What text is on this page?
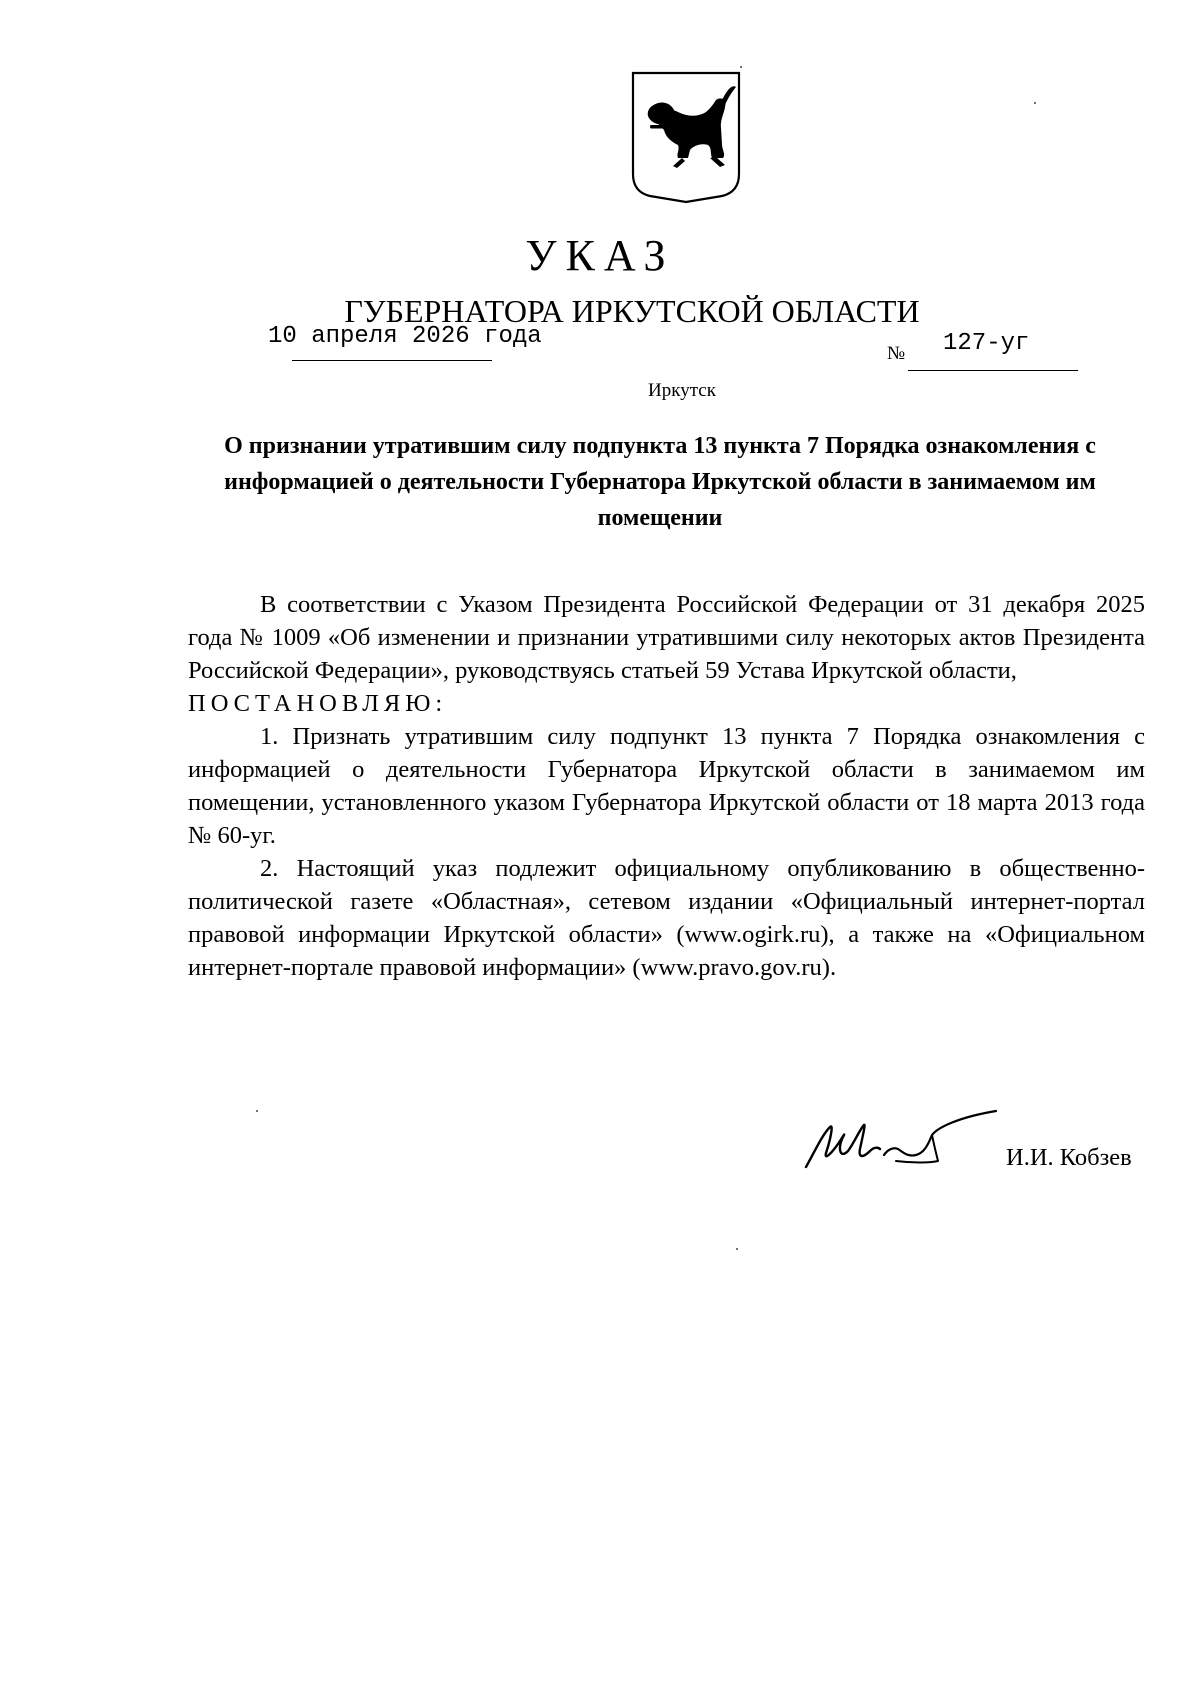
УКАЗ
ГУБЕРНАТОРА ИРКУТСКОЙ ОБЛАСТИ
10 апреля 2026 года
№ 127-уг
Иркутск
О признании утратившим силу подпункта 13 пункта 7 Порядка ознакомления с информацией о деятельности Губернатора Иркутской области в занимаемом им помещении

В соответствии с Указом Президента Российской Федерации от 31 декабря 2025 года № 1009 «Об изменении и признании утратившими силу некоторых актов Президента Российской Федерации», руководствуясь статьей 59 Устава Иркутской области,

ПОСТАНОВЛЯЮ:

1. Признать утратившим силу подпункт 13 пункта 7 Порядка ознакомления с информацией о деятельности Губернатора Иркутской области в занимаемом им помещении, установленного указом Губернатора Иркутской области от 18 марта 2013 года № 60-уг.

2. Настоящий указ подлежит официальному опубликованию в общественно-политической газете «Областная», сетевом издании «Официальный интернет-портал правовой информации Иркутской области» (www.ogirk.ru), а также на «Официальном интернет-портале правовой информации» (www.pravo.gov.ru).

И.И. Кобзев
